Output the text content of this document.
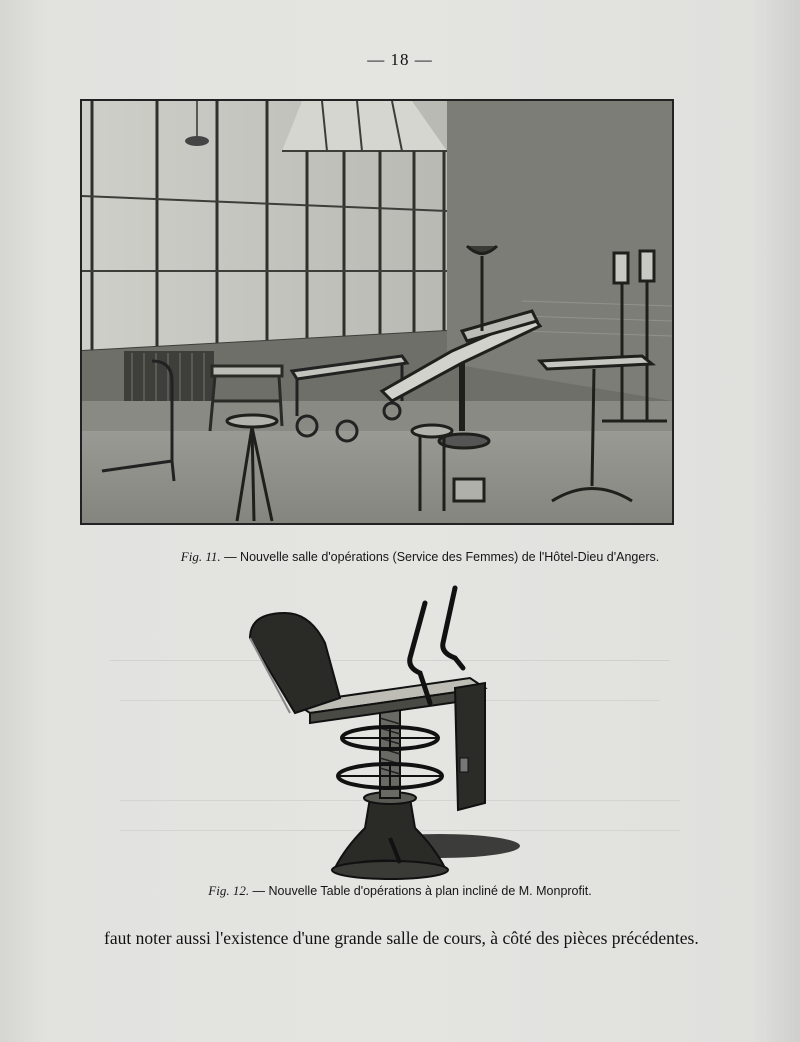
— 18 —
Fig. 11. — Nouvelle salle d'opérations (Service des Femmes) de l'Hôtel-Dieu d'Angers.
Fig. 12. — Nouvelle Table d'opérations à plan incliné de M. Monprofit.
faut noter aussi l'existence d'une grande salle de cours, à côté des pièces précédentes.
